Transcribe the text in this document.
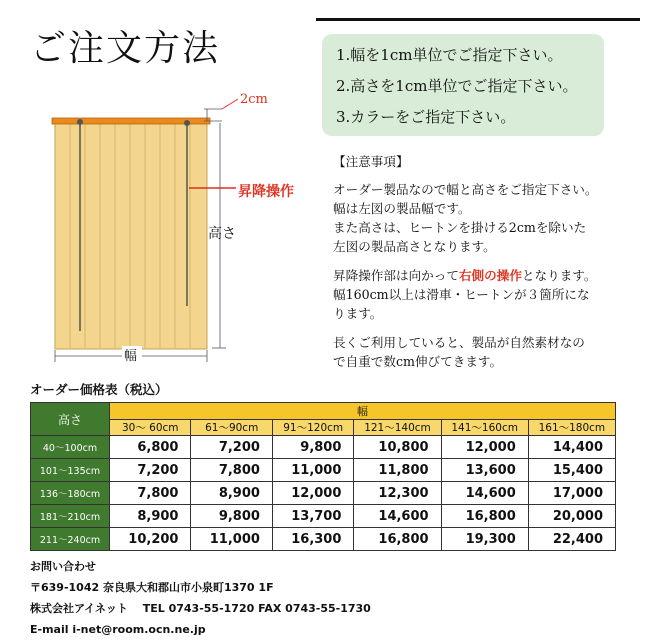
ご注文方法	1.幅を1cm単位でご指定下さい。
2.高さを1cm単位でご指定下さい。
3.カラーをご指定下さい。
2cm
昇降操作
高さ
幅

【注意事項】

オーダー製品なので幅と高さをご指定下さい。

幅は左図の製品幅です。

また高さは、ヒートンを掛ける2cmを除いた

左図の製品高さとなります。

昇降操作部は向かって右側の操作となります。

幅160cm以上は滑車・ヒートンが３箇所にな

ります。

長くご利用していると、製品が自然素材なの

で自重で数cm伸びてきます。

オーダー価格表（税込）
高さ	幅					
	30〜 60cm	61〜90cm	91〜120cm	121〜140cm	141〜160cm	161〜180cm
40〜100cm	6,800	7,200	9,800	10,800	12,000	14,400
101〜135cm	7,200	7,800	11,000	11,800	13,600	15,400
136〜180cm	7,800	8,900	12,000	12,300	14,600	17,000
181〜210cm	8,900	9,800	13,700	14,600	16,800	20,000
211〜240cm	10,200	11,000	16,300	16,800	19,300	22,400
お問い合わせ
〒639-1042 奈良県大和郡山市小泉町1370 1F
株式会社アイネット　 TEL 0743-55-1720 FAX 0743-55-1730
E-mail i-net@room.ocn.ne.jp
